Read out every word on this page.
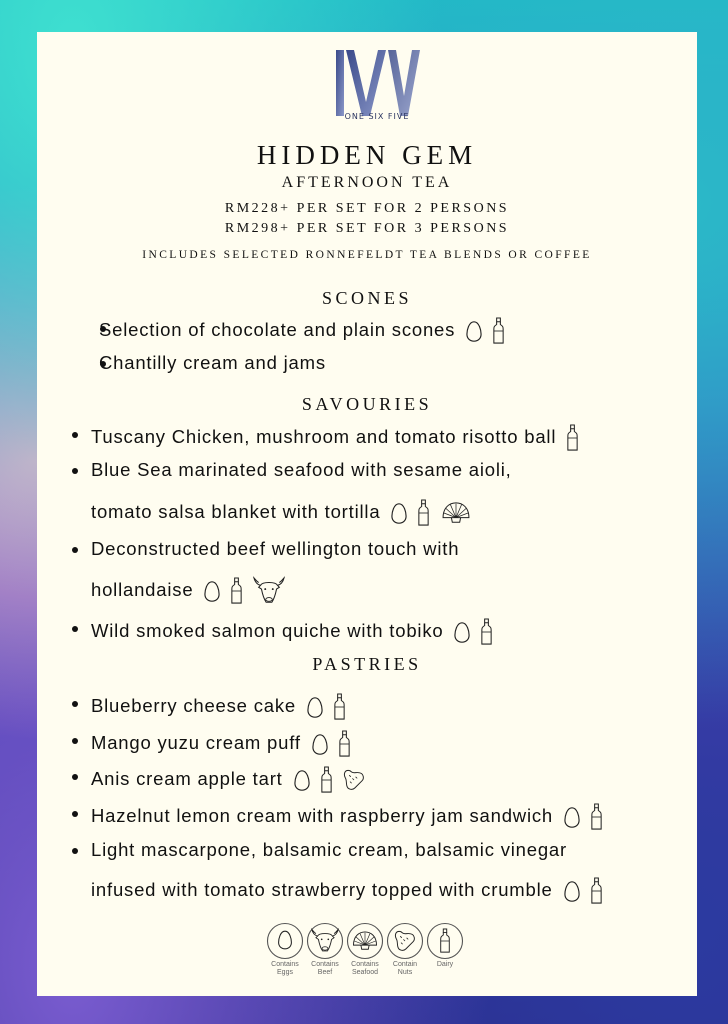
ONE SIX FIVE
HIDDEN GEM
AFTERNOON TEA
RM228+ PER SET FOR 2 PERSONS
RM298+ PER SET FOR 3 PERSONS
INCLUDES SELECTED RONNEFELDT TEA BLENDS OR COFFEE
SCONES
Selection of chocolate and plain scones

Chantilly cream and jams
SAVOURIES
Tuscany Chicken, mushroom and tomato risotto ball
Blue Sea marinated seafood with sesame aioli,
tomato salsa blanket with tortilla

Deconstructed beef wellington touch with
hollandaise

Wild smoked salmon quiche with tobiko

PASTRIES
Blueberry cheese cake

Mango yuzu cream puff

Anis cream apple tart

Hazelnut lemon cream with raspberry jam sandwich

Light mascarpone, balsamic cream, balsamic vinegar
infused with tomato strawberry topped with crumble

Contains
Eggs
Contains
Beef
Contains
Seafood
Contain
Nuts
Dairy
